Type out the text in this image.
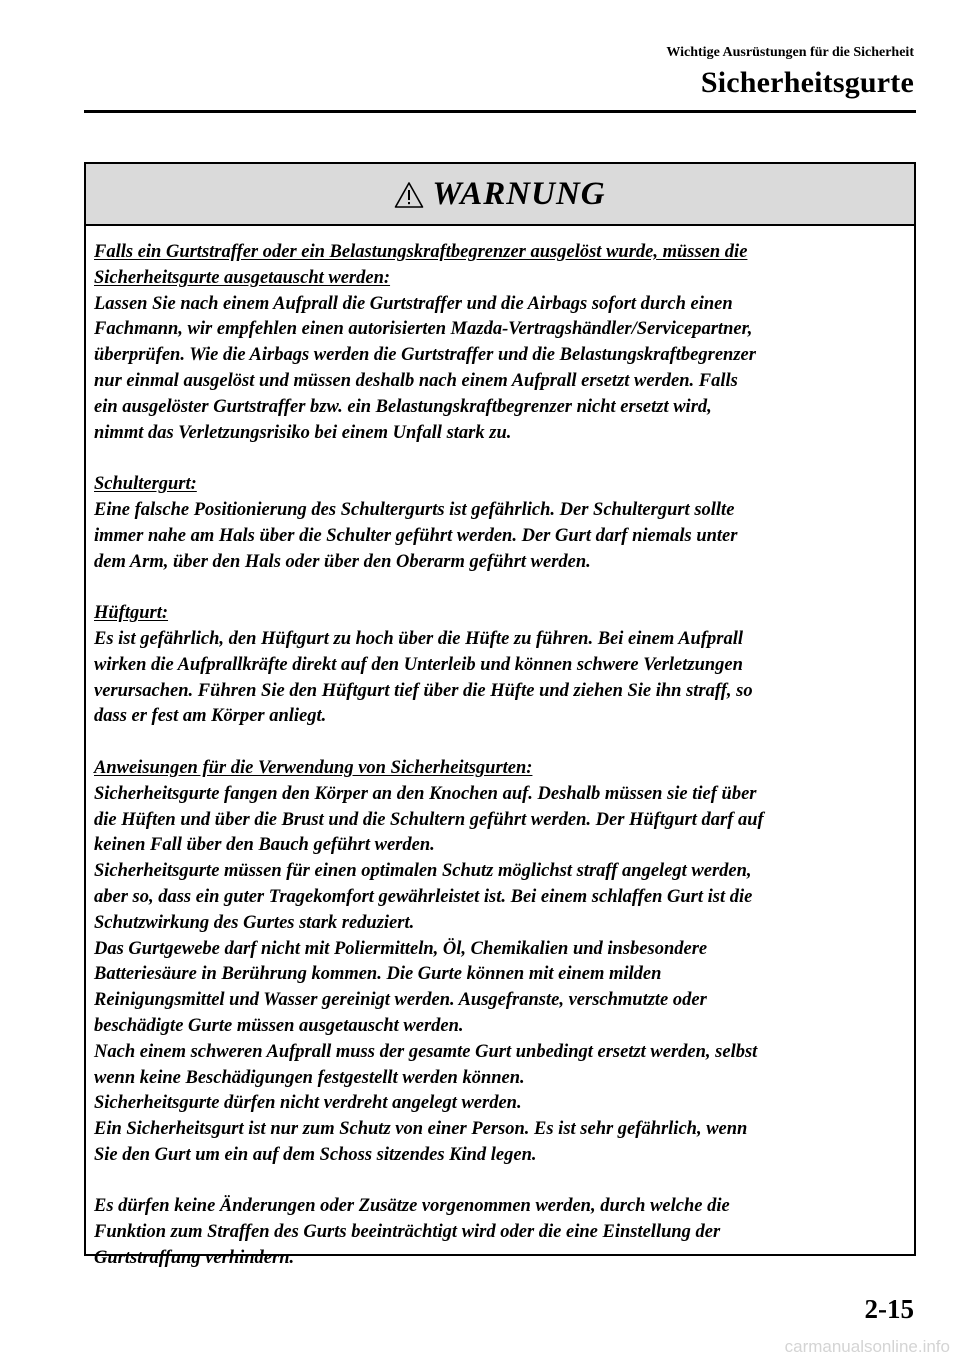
Wichtige Ausrüstungen für die Sicherheit
Sicherheitsgurte
WARNUNG
Falls ein Gurtstraffer oder ein Belastungskraftbegrenzer ausgelöst wurde, müssen die
Sicherheitsgurte ausgetauscht werden:
Lassen Sie nach einem Aufprall die Gurtstraffer und die Airbags sofort durch einen
Fachmann, wir empfehlen einen autorisierten Mazda-Vertragshändler/Servicepartner,
überprüfen. Wie die Airbags werden die Gurtstraffer und die Belastungskraftbegrenzer
nur einmal ausgelöst und müssen deshalb nach einem Aufprall ersetzt werden. Falls
ein ausgelöster Gurtstraffer bzw. ein Belastungskraftbegrenzer nicht ersetzt wird,
nimmt das Verletzungsrisiko bei einem Unfall stark zu.
Schultergurt:
Eine falsche Positionierung des Schultergurts ist gefährlich. Der Schultergurt sollte
immer nahe am Hals über die Schulter geführt werden. Der Gurt darf niemals unter
dem Arm, über den Hals oder über den Oberarm geführt werden.
Hüftgurt:
Es ist gefährlich, den Hüftgurt zu hoch über die Hüfte zu führen. Bei einem Aufprall
wirken die Aufprallkräfte direkt auf den Unterleib und können schwere Verletzungen
verursachen. Führen Sie den Hüftgurt tief über die Hüfte und ziehen Sie ihn straff, so
dass er fest am Körper anliegt.
Anweisungen für die Verwendung von Sicherheitsgurten:
Sicherheitsgurte fangen den Körper an den Knochen auf. Deshalb müssen sie tief über
die Hüften und über die Brust und die Schultern geführt werden. Der Hüftgurt darf auf
keinen Fall über den Bauch geführt werden.
Sicherheitsgurte müssen für einen optimalen Schutz möglichst straff angelegt werden,
aber so, dass ein guter Tragekomfort gewährleistet ist. Bei einem schlaffen Gurt ist die
Schutzwirkung des Gurtes stark reduziert.
Das Gurtgewebe darf nicht mit Poliermitteln, Öl, Chemikalien und insbesondere
Batteriesäure in Berührung kommen. Die Gurte können mit einem milden
Reinigungsmittel und Wasser gereinigt werden. Ausgefranste, verschmutzte oder
beschädigte Gurte müssen ausgetauscht werden.
Nach einem schweren Aufprall muss der gesamte Gurt unbedingt ersetzt werden, selbst
wenn keine Beschädigungen festgestellt werden können.
Sicherheitsgurte dürfen nicht verdreht angelegt werden.
Ein Sicherheitsgurt ist nur zum Schutz von einer Person. Es ist sehr gefährlich, wenn
Sie den Gurt um ein auf dem Schoss sitzendes Kind legen.
Es dürfen keine Änderungen oder Zusätze vorgenommen werden, durch welche die
Funktion zum Straffen des Gurts beeinträchtigt wird oder die eine Einstellung der
Gurtstraffung verhindern.
2-15
carmanualsonline.info
